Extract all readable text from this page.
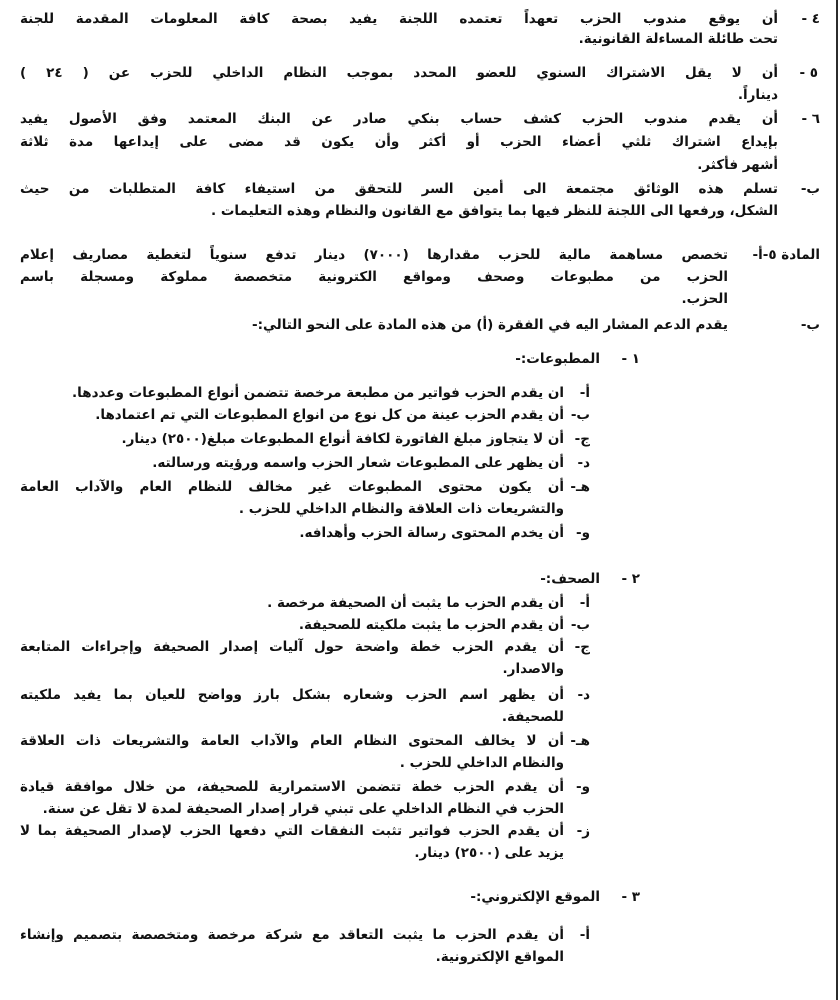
٤ -
أن يوقع مندوب الحزب تعهداً تعتمده اللجنة يفيد بصحة كافة المعلومات المقدمة للجنة
تحت طائلة المساءلة القانونية.
٥ -
أن لا يقل الاشتراك السنوي للعضو المحدد بموجب النظام الداخلي للحزب عن ( ٢٤ )
ديناراً.
٦ -
أن يقدم مندوب الحزب كشف حساب بنكي صادر عن البنك المعتمد وفق الأصول يفيد
بإيداع اشتراك ثلثي أعضاء الحزب أو أكثر وأن يكون قد مضى على إيداعها مدة ثلاثة
أشهر فأكثر.
ب-
تسلم هذه الوثائق مجتمعة الى أمين السر للتحقق من استيفاء كافة المتطلبات من حيث
الشكل، ورفعها الى اللجنة للنظر فيها بما يتوافق مع القانون والنظام وهذه التعليمات .
المادة ٥-أ-
تخصص مساهمة مالية للحزب مقدارها (٧٠٠٠) دينار تدفع سنوياً لتغطية مصاريف إعلام
الحزب من مطبوعات وصحف ومواقع الكترونية متخصصة مملوكة ومسجلة باسم
الحزب.
ب-
يقدم الدعم المشار اليه في الفقرة (أ) من هذه المادة على النحو التالي:-
١ -
المطبوعات:-
أ-
ان يقدم الحزب فواتير من مطبعة مرخصة تتضمن أنواع المطبوعات وعددها.
ب-
أن يقدم الحزب عينة من كل نوع من انواع المطبوعات التي تم اعتمادها.
ج-
أن لا يتجاوز مبلغ الفاتورة لكافة أنواع المطبوعات مبلغ(٢٥٠٠) دينار.
د-
أن يظهر على المطبوعات شعار الحزب واسمه ورؤيته ورسالته.
هـ-
أن يكون محتوى المطبوعات غير مخالف للنظام العام والآداب العامة
والتشريعات ذات العلاقة والنظام الداخلي للحزب .
و-
أن يخدم المحتوى رسالة الحزب وأهدافه.
٢ -
الصحف:-
أ-
أن يقدم الحزب ما يثبت أن الصحيفة مرخصة .
ب-
أن يقدم الحزب ما يثبت ملكيته للصحيفة.
ج-
أن يقدم الحزب خطة واضحة حول آليات إصدار الصحيفة وإجراءات المتابعة
والاصدار.
د-
أن يظهر اسم الحزب وشعاره بشكل بارز وواضح للعيان بما يفيد ملكيته
للصحيفة.
هـ-
أن لا يخالف المحتوى النظام العام والآداب العامة والتشريعات ذات العلاقة
والنظام الداخلي للحزب .
و-
أن يقدم الحزب خطة تتضمن الاستمرارية للصحيفة، من خلال موافقة قيادة
الحزب في النظام الداخلي على تبني قرار إصدار الصحيفة لمدة لا تقل عن سنة.
ز-
أن يقدم الحزب فواتير تثبت النفقات التي دفعها الحزب لإصدار الصحيفة بما لا
يزيد على (٢٥٠٠) دينار.
٣ -
الموقع الإلكتروني:-
أ-
أن يقدم الحزب ما يثبت التعاقد مع شركة مرخصة ومتخصصة بتصميم وإنشاء
المواقع الإلكترونية.
